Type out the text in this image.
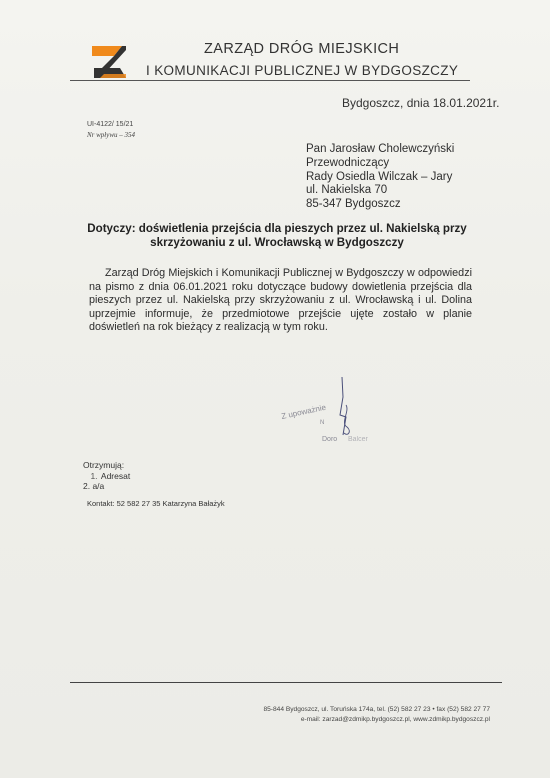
ZARZĄD DRÓG MIEJSKICH
I KOMUNIKACJI PUBLICZNEJ W BYDGOSZCZY
Bydgoszcz, dnia 18.01.2021r.
UI-4122/ 15/21
Nr wpływu – 354
Pan Jarosław Cholewczyński
Przewodniczący
Rady Osiedla Wilczak – Jary
ul. Nakielska 70
85-347 Bydgoszcz
Dotyczy: doświetlenia przejścia dla pieszych przez ul. Nakielską przy
skrzyżowaniu z ul. Wrocławską w Bydgoszczy
Zarząd Dróg Miejskich i Komunikacji Publicznej w Bydgoszczy w odpowiedzi na pismo z dnia 06.01.2021 roku dotyczące budowy dowietlenia przejścia dla pieszych przez ul. Nakielską przy skrzyżowaniu z ul. Wrocławską i ul. Dolina uprzejmie informuje, że przedmiotowe przejście ujęte zostało w planie doświetleń na rok bieżący z realizacją w tym roku.
Z upoważnie
N
Doro Balcer
Otrzymują:
1. Adresat
2. a/a
Kontakt: 52 582 27 35 Katarzyna Bałażyk
85-844 Bydgoszcz, ul. Toruńska 174a, tel. (52) 582 27 23 • fax (52) 582 27 77
e-mail: zarzad@zdmikp.bydgoszcz.pl, www.zdmikp.bydgoszcz.pl
